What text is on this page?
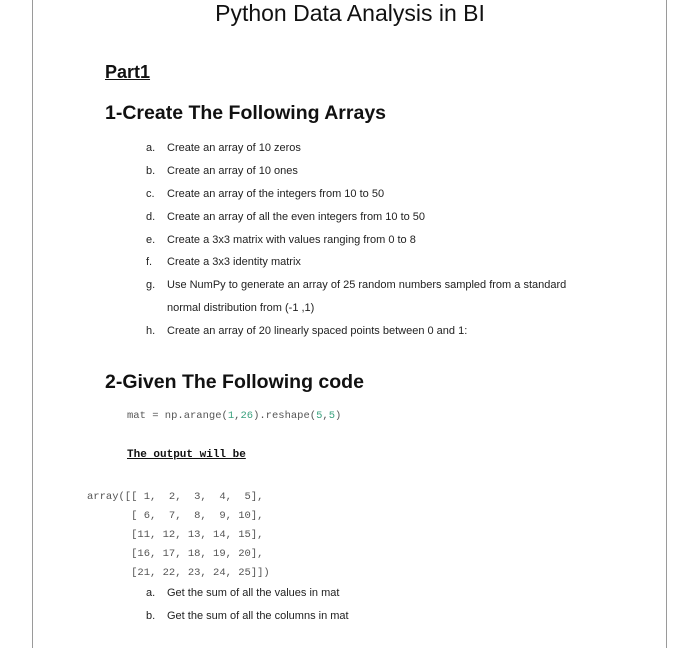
Python Data Analysis in BI
Part1
1-Create The Following Arrays
a.	Create an array of 10 zeros
b.	Create an array of 10 ones
c.	Create an array of the integers from 10 to 50
d.	Create an array of all the even integers from 10 to 50
e.	Create a 3x3 matrix with values ranging from 0 to 8
f.	Create a 3x3 identity matrix
g.	Use NumPy to generate an array of 25 random numbers sampled from a standard
normal distribution from (-1 ,1)
h.	Create an array of 20 linearly spaced points between 0 and 1:
2-Given The Following code
mat = np.arange(1,26).reshape(5,5)
The output will be
array([[ 1,  2,  3,  4,  5],
[ 6,  7,  8,  9, 10],
[11, 12, 13, 14, 15],
[16, 17, 18, 19, 20],
[21, 22, 23, 24, 25]])
a.	Get the sum of all the values in mat
b.	Get the sum of all the columns in mat
